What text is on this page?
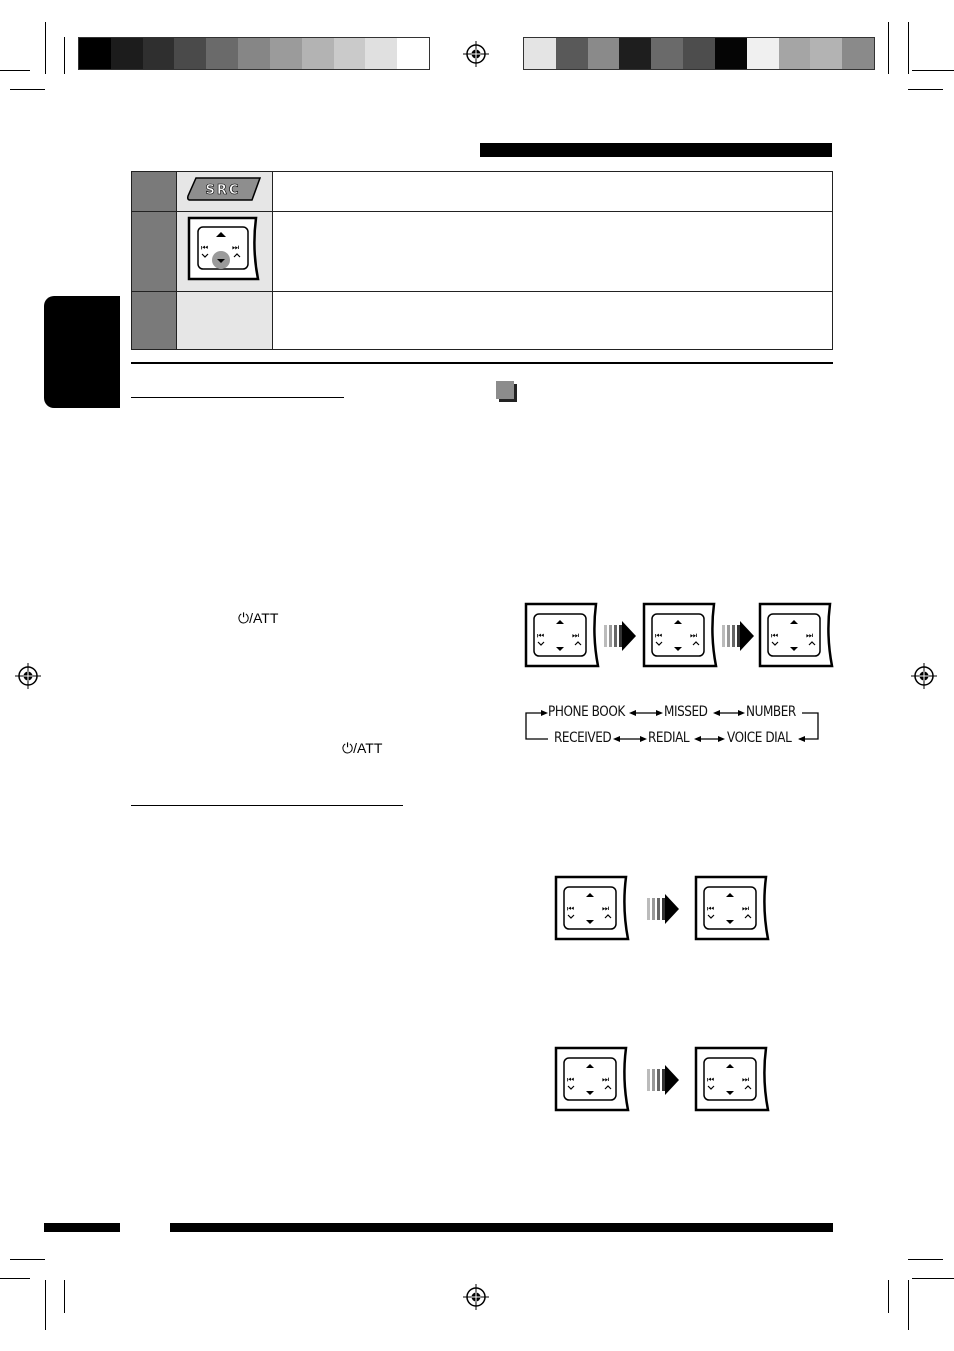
SRC	

⏮ ⏭	

⏻/ATT
⏻/ATT
PHONE BOOK	MISSED	NUMBER
RECEIVED	REDIAL	VOICE DIAL
